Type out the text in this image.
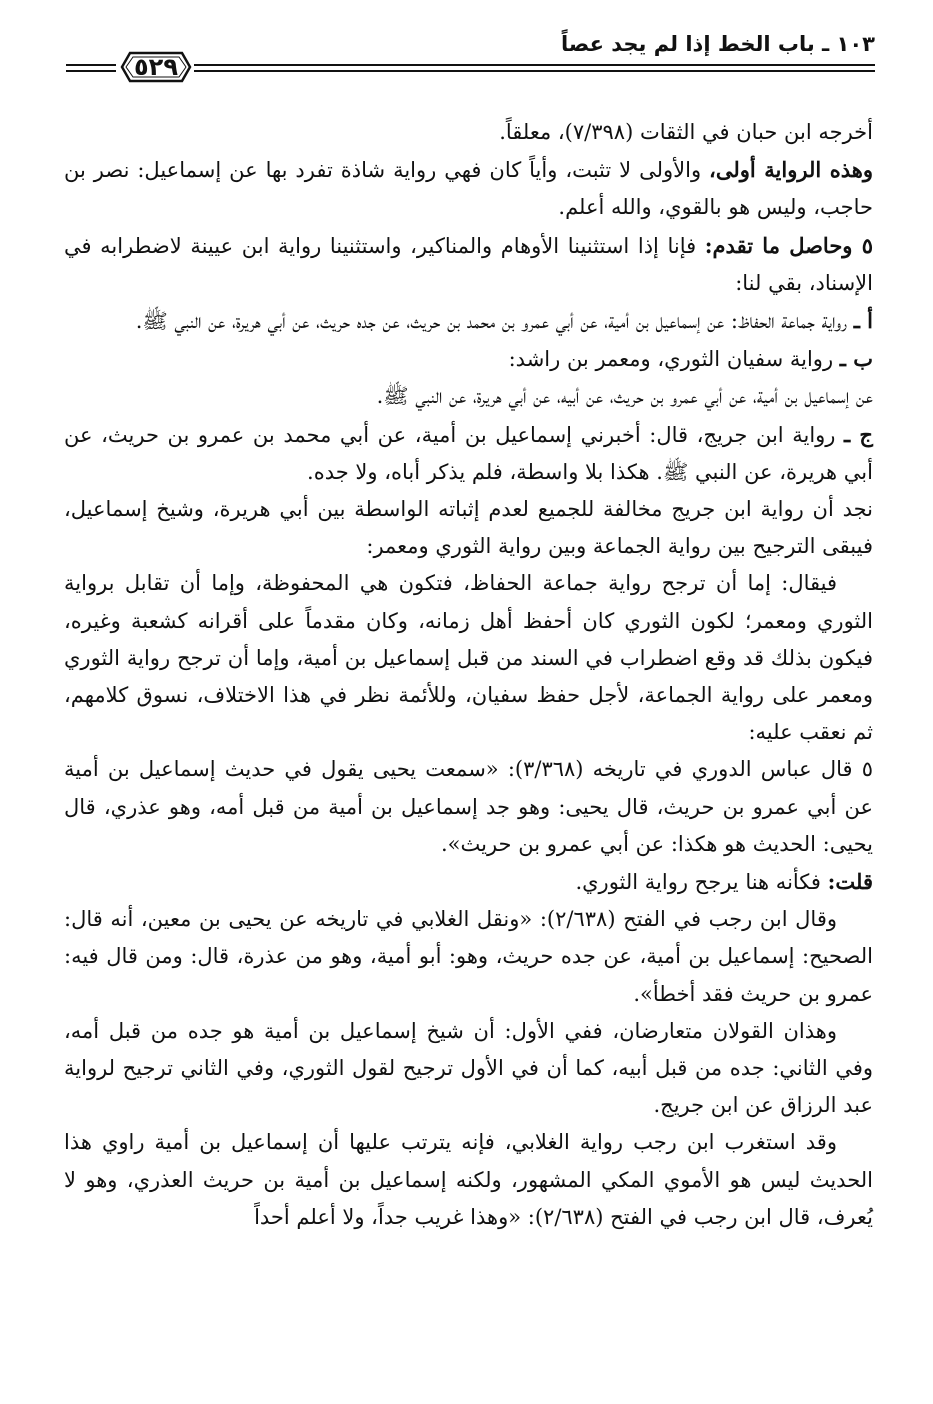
١٠٣ ـ باب الخط إذا لم يجد عصاً
٥٢٩

أخرجه ابن حبان في الثقات (٧/٣٩٨)، معلقاً.

وهذه الرواية أولى، والأولى لا تثبت، وأياً كان فهي رواية شاذة تفرد بها عن إسماعيل: نصر بن حاجب، وليس هو بالقوي، والله أعلم.

٥ وحاصل ما تقدم: فإنا إذا استثنينا الأوهام والمناكير، واستثنينا رواية ابن عيينة لاضطرابه في الإسناد، بقي لنا:

أ ـ رواية جماعة الحفاظ: عن إسماعيل بن أمية، عن أبي عمرو بن محمد بن حريث، عن جده حريث، عن أبي هريرة، عن النبي ﷺ.

ب ـ رواية سفيان الثوري، ومعمر بن راشد:

عن إسماعيل بن أمية، عن أبي عمرو بن حريث، عن أبيه، عن أبي هريرة، عن النبي ﷺ.

ج ـ رواية ابن جريج، قال: أخبرني إسماعيل بن أمية، عن أبي محمد بن عمرو بن حريث، عن أبي هريرة، عن النبي ﷺ. هكذا بلا واسطة، فلم يذكر أباه، ولا جده.

نجد أن رواية ابن جريج مخالفة للجميع لعدم إثباته الواسطة بين أبي هريرة، وشيخ إسماعيل، فيبقى الترجيح بين رواية الجماعة وبين رواية الثوري ومعمر:

فيقال: إما أن ترجح رواية جماعة الحفاظ، فتكون هي المحفوظة، وإما أن تقابل برواية الثوري ومعمر؛ لكون الثوري كان أحفظ أهل زمانه، وكان مقدماً على أقرانه كشعبة وغيره، فيكون بذلك قد وقع اضطراب في السند من قبل إسماعيل بن أمية، وإما أن ترجح رواية الثوري ومعمر على رواية الجماعة، لأجل حفظ سفيان، وللأئمة نظر في هذا الاختلاف، نسوق كلامهم، ثم نعقب عليه:

٥ قال عباس الدوري في تاريخه (٣/٣٦٨): «سمعت يحيى يقول في حديث إسماعيل بن أمية عن أبي عمرو بن حريث، قال يحيى: وهو جد إسماعيل بن أمية من قبل أمه، وهو عذري، قال يحيى: الحديث هو هكذا: عن أبي عمرو بن حريث».

قلت: فكأنه هنا يرجح رواية الثوري.

وقال ابن رجب في الفتح (٢/٦٣٨): «ونقل الغلابي في تاريخه عن يحيى بن معين، أنه قال: الصحيح: إسماعيل بن أمية، عن جده حريث، وهو: أبو أمية، وهو من عذرة، قال: ومن قال فيه: عمرو بن حريث فقد أخطأ».

وهذان القولان متعارضان، ففي الأول: أن شيخ إسماعيل بن أمية هو جده من قبل أمه، وفي الثاني: جده من قبل أبيه، كما أن في الأول ترجيح لقول الثوري، وفي الثاني ترجيح لرواية عبد الرزاق عن ابن جريج.

وقد استغرب ابن رجب رواية الغلابي، فإنه يترتب عليها أن إسماعيل بن أمية راوي هذا الحديث ليس هو الأموي المكي المشهور، ولكنه إسماعيل بن أمية بن حريث العذري، وهو لا يُعرف، قال ابن رجب في الفتح (٢/٦٣٨): «وهذا غريب جداً، ولا أعلم أحداً
